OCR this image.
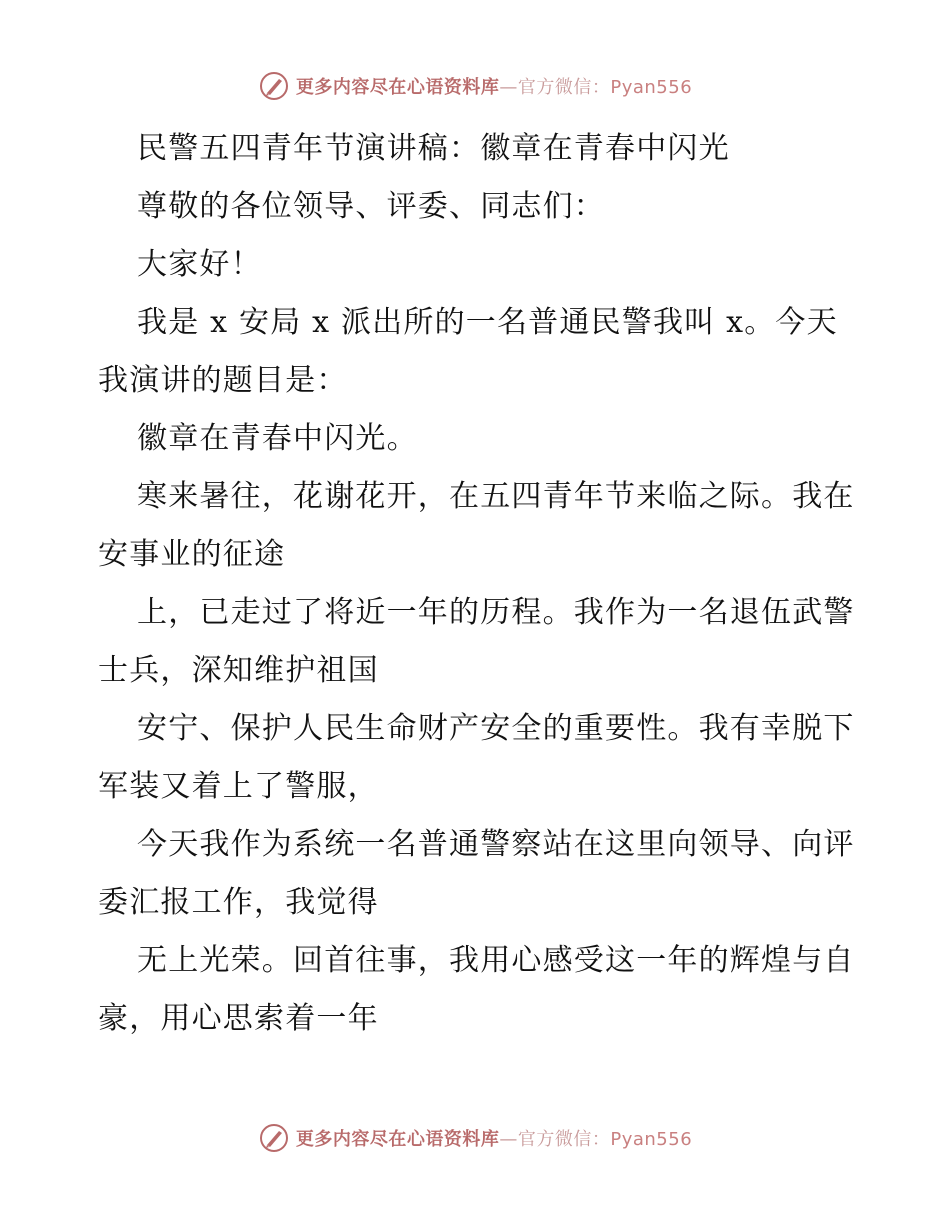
更多内容尽在心语资料库—官方微信：Pyan556

民警五四青年节演讲稿：徽章在青春中闪光

尊敬的各位领导、评委、同志们：

大家好！

我是 x 安局 x 派出所的一名普通民警我叫 x。今天我演讲的题目是：

徽章在青春中闪光。

寒来暑往，花谢花开，在五四青年节来临之际。我在安事业的征途

上，已走过了将近一年的历程。我作为一名退伍武警士兵，深知维护祖国

安宁、保护人民生命财产安全的重要性。我有幸脱下军装又着上了警服，

今天我作为系统一名普通警察站在这里向领导、向评委汇报工作，我觉得

无上光荣。回首往事，我用心感受这一年的辉煌与自豪，用心思索着一年

更多内容尽在心语资料库—官方微信：Pyan556
